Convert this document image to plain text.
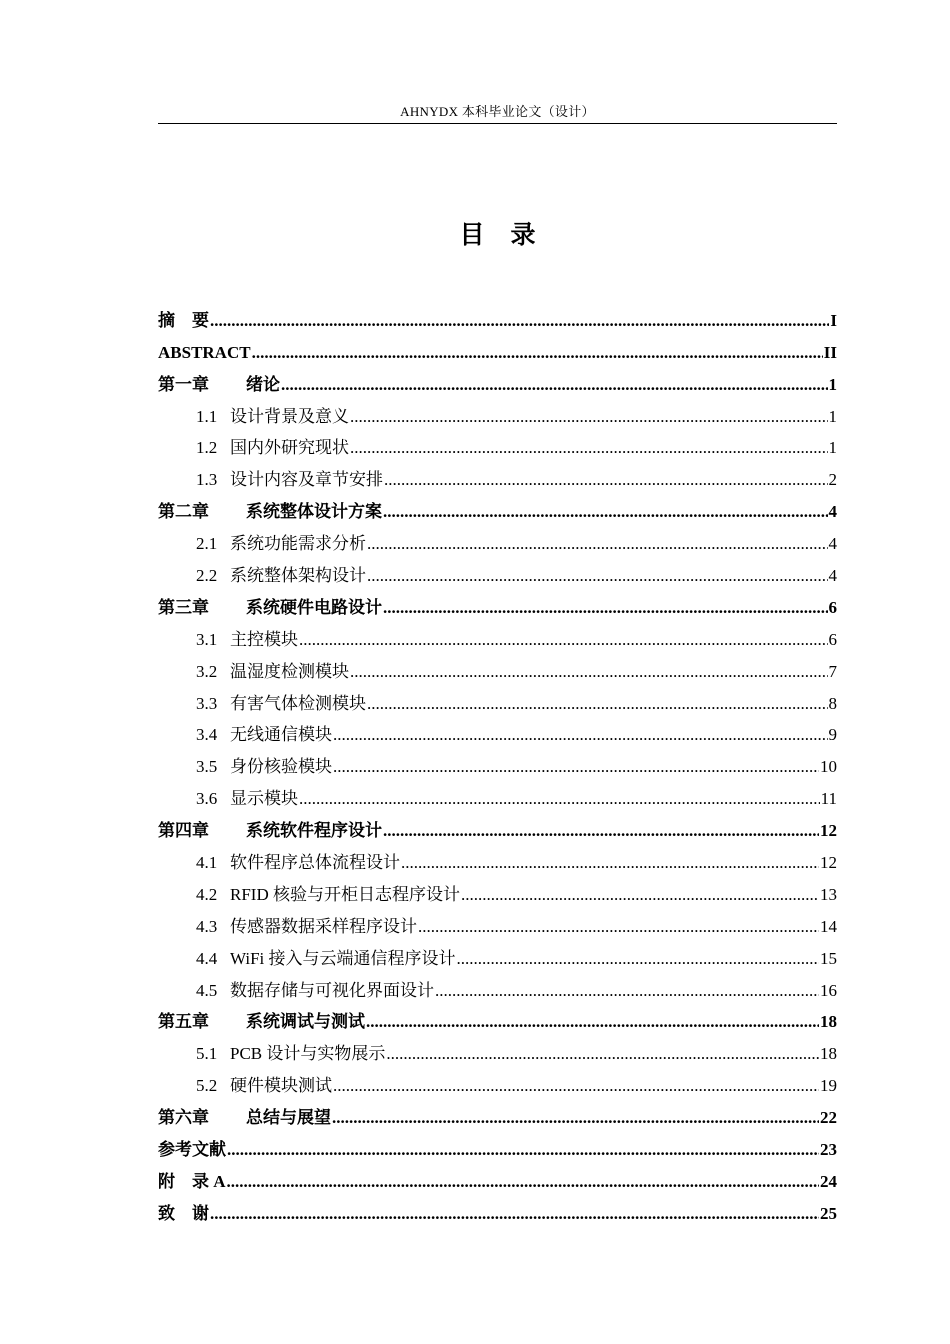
AHNYDX 本科毕业论文（设计）
目录
摘　要 .....	I
ABSTRACT .....	II
第一章	绪论 .....	1
1.1 设计背景及意义 .....	1
1.2 国内外研究现状 .....	1
1.3 设计内容及章节安排 .....	2
第二章	系统整体设计方案 .....	4
2.1 系统功能需求分析 .....	4
2.2 系统整体架构设计 .....	4
第三章	系统硬件电路设计 .....	6
3.1 主控模块 .....	6
3.2 温湿度检测模块 .....	7
3.3 有害气体检测模块 .....	8
3.4 无线通信模块 .....	9
3.5 身份核验模块 .....	10
3.6 显示模块 .....	11
第四章	系统软件程序设计 .....	12
4.1 软件程序总体流程设计 .....	12
4.2 RFID 核验与开柜日志程序设计 .....	13
4.3 传感器数据采样程序设计 .....	14
4.4 WiFi 接入与云端通信程序设计 .....	15
4.5 数据存储与可视化界面设计 .....	16
第五章	系统调试与测试 .....	18
5.1 PCB 设计与实物展示 .....	18
5.2 硬件模块测试 .....	19
第六章	总结与展望 .....	22
参考文献 .....	23
附　录 A .....	24
致　谢 .....	25
